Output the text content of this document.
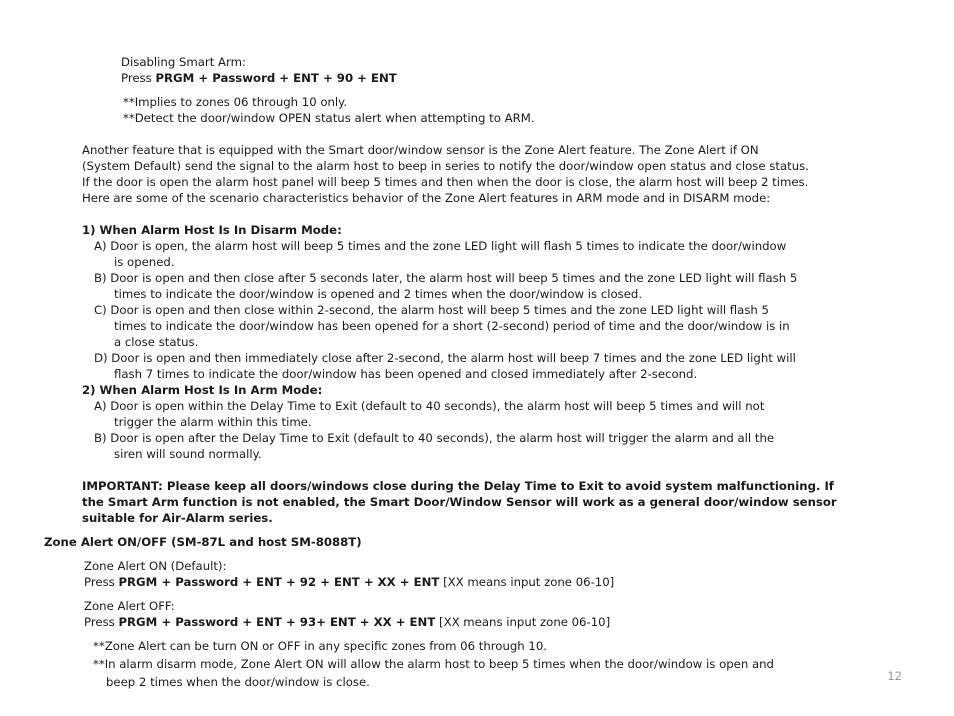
Disabling Smart Arm:
Press PRGM + Password + ENT + 90 + ENT
**Implies to zones 06 through 10 only.
**Detect the door/window OPEN status alert when attempting to ARM.
Another feature that is equipped with the Smart door/window sensor is the Zone Alert feature. The Zone Alert if ON
(System Default) send the signal to the alarm host to beep in series to notify the door/window open status and close status.
If the door is open the alarm host panel will beep 5 times and then when the door is close, the alarm host will beep 2 times.
Here are some of the scenario characteristics behavior of the Zone Alert features in ARM mode and in DISARM mode:
1) When Alarm Host Is In Disarm Mode:
A) Door is open, the alarm host will beep 5 times and the zone LED light will flash 5 times to indicate the door/window
is opened.
B) Door is open and then close after 5 seconds later, the alarm host will beep 5 times and the zone LED light will flash 5
times to indicate the door/window is opened and 2 times when the door/window is closed.
C) Door is open and then close within 2-second, the alarm host will beep 5 times and the zone LED light will flash 5
times to indicate the door/window has been opened for a short (2-second) period of time and the door/window is in
a close status.
D) Door is open and then immediately close after 2-second, the alarm host will beep 7 times and the zone LED light will
flash 7 times to indicate the door/window has been opened and closed immediately after 2-second.
2) When Alarm Host Is In Arm Mode:
A) Door is open within the Delay Time to Exit (default to 40 seconds), the alarm host will beep 5 times and will not
trigger the alarm within this time.
B) Door is open after the Delay Time to Exit (default to 40 seconds), the alarm host will trigger the alarm and all the
siren will sound normally.
IMPORTANT: Please keep all doors/windows close during the Delay Time to Exit to avoid system malfunctioning. If
the Smart Arm function is not enabled, the Smart Door/Window Sensor will work as a general door/window sensor
suitable for Air-Alarm series.
Zone Alert ON/OFF (SM-87L and host SM-8088T)
Zone Alert ON (Default):
Press PRGM + Password + ENT + 92 + ENT + XX + ENT [XX means input zone 06-10]
Zone Alert OFF:
Press PRGM + Password + ENT + 93+ ENT + XX + ENT [XX means input zone 06-10]
**Zone Alert can be turn ON or OFF in any specific zones from 06 through 10.
**In alarm disarm mode, Zone Alert ON will allow the alarm host to beep 5 times when the door/window is open and
beep 2 times when the door/window is close.	12
